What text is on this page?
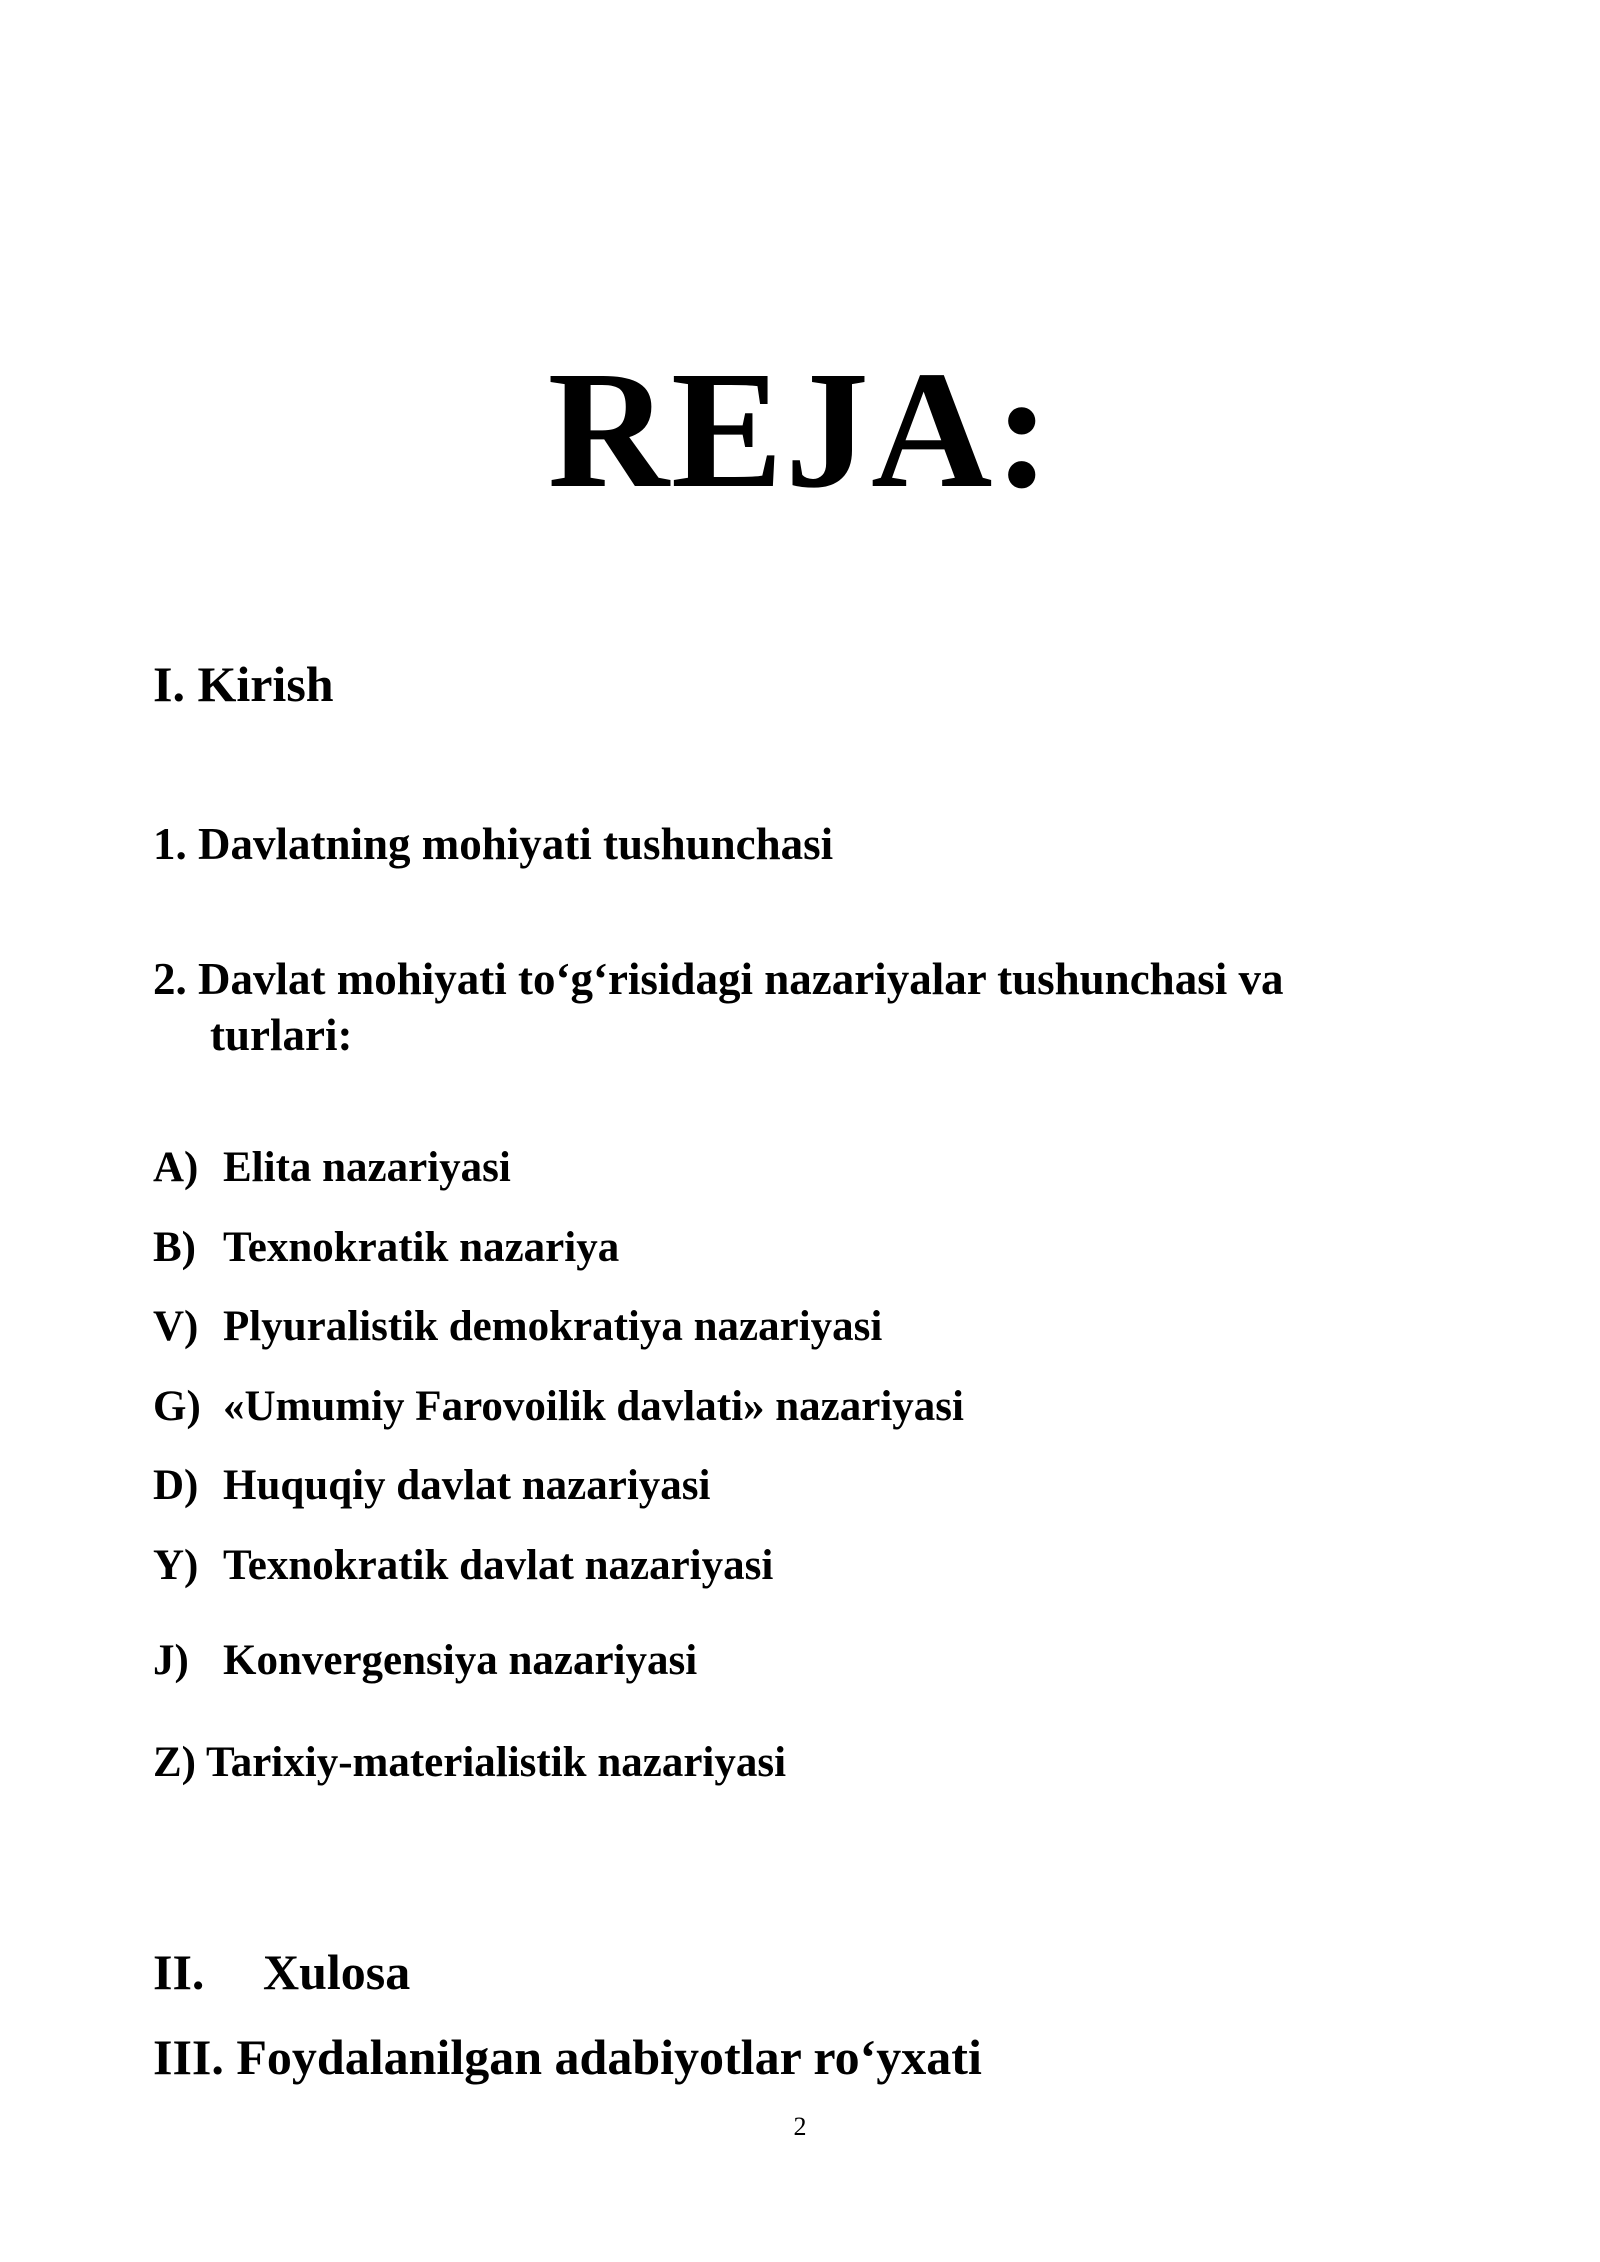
REJA:
I. Kirish
1. Davlatning mohiyati tushunchasi
2. Davlat mohiyati to‘g‘risidagi nazariyalar tushunchasi va
turlari:
A) Elita nazariyasi
B) Texnokratik nazariya
V) Plyuralistik demokratiya nazariyasi
G) «Umumiy Farovoilik davlati» nazariyasi
D) Huquqiy davlat nazariyasi
Y) Texnokratik davlat nazariyasi
J) Konvergensiya nazariyasi
Z) Tarixiy-materialistik nazariyasi
II. Xulosa
III. Foydalanilgan adabiyotlar ro‘yxati
2
